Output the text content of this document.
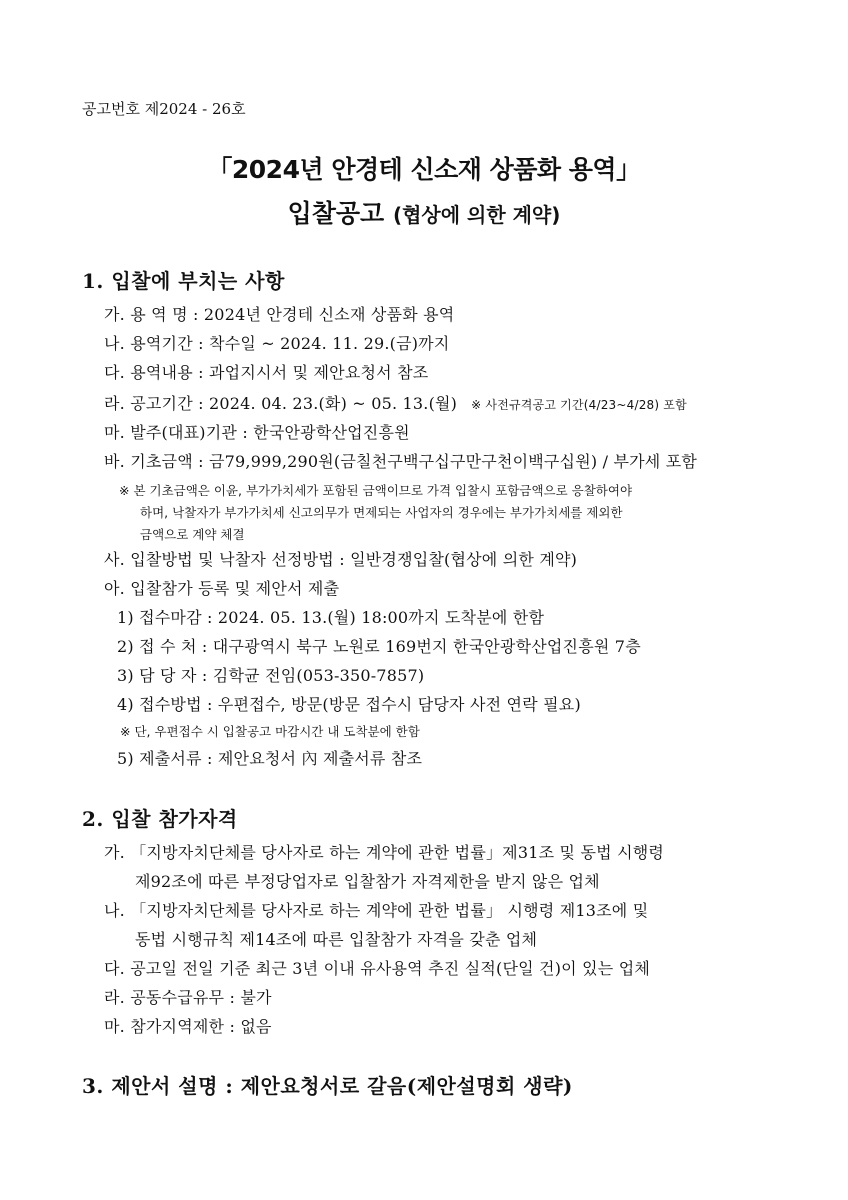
공고번호 제2024 - 26호
「2024년 안경테 신소재 상품화 용역」
입찰공고 (협상에 의한 계약)
1. 입찰에 부치는 사항
가. 용 역 명 : 2024년 안경테 신소재 상품화 용역
나. 용역기간 : 착수일 ~ 2024. 11. 29.(금)까지
다. 용역내용 : 과업지시서 및 제안요청서 참조
라. 공고기간 : 2024. 04. 23.(화) ~ 05. 13.(월) ※ 사전규격공고 기간(4/23~4/28) 포함
마. 발주(대표)기관 : 한국안광학산업진흥원
바. 기초금액 : 금79,999,290원(금칠천구백구십구만구천이백구십원) / 부가세 포함
※ 본 기초금액은 이윤, 부가가치세가 포함된 금액이므로 가격 입찰시 포함금액으로 응찰하여야
하며, 낙찰자가 부가가치세 신고의무가 면제되는 사업자의 경우에는 부가가치세를 제외한
금액으로 계약 체결
사. 입찰방법 및 낙찰자 선정방법 : 일반경쟁입찰(협상에 의한 계약)
아. 입찰참가 등록 및 제안서 제출
1) 접수마감 : 2024. 05. 13.(월) 18:00까지 도착분에 한함
2) 접 수 처 : 대구광역시 북구 노원로 169번지 한국안광학산업진흥원 7층
3) 담 당 자 : 김학균 전임(053-350-7857)
4) 접수방법 : 우편접수, 방문(방문 접수시 담당자 사전 연락 필요)
※ 단, 우편접수 시 입찰공고 마감시간 내 도착분에 한함
5) 제출서류 : 제안요청서 內 제출서류 참조
2. 입찰 참가자격
가. 「지방자치단체를 당사자로 하는 계약에 관한 법률」제31조 및 동법 시행령
제92조에 따른 부정당업자로 입찰참가 자격제한을 받지 않은 업체
나. 「지방자치단체를 당사자로 하는 계약에 관한 법률」 시행령 제13조에 및
동법 시행규칙 제14조에 따른 입찰참가 자격을 갖춘 업체
다. 공고일 전일 기준 최근 3년 이내 유사용역 추진 실적(단일 건)이 있는 업체
라. 공동수급유무 : 불가
마. 참가지역제한 : 없음
3. 제안서 설명 : 제안요청서로 갈음(제안설명회 생략)
